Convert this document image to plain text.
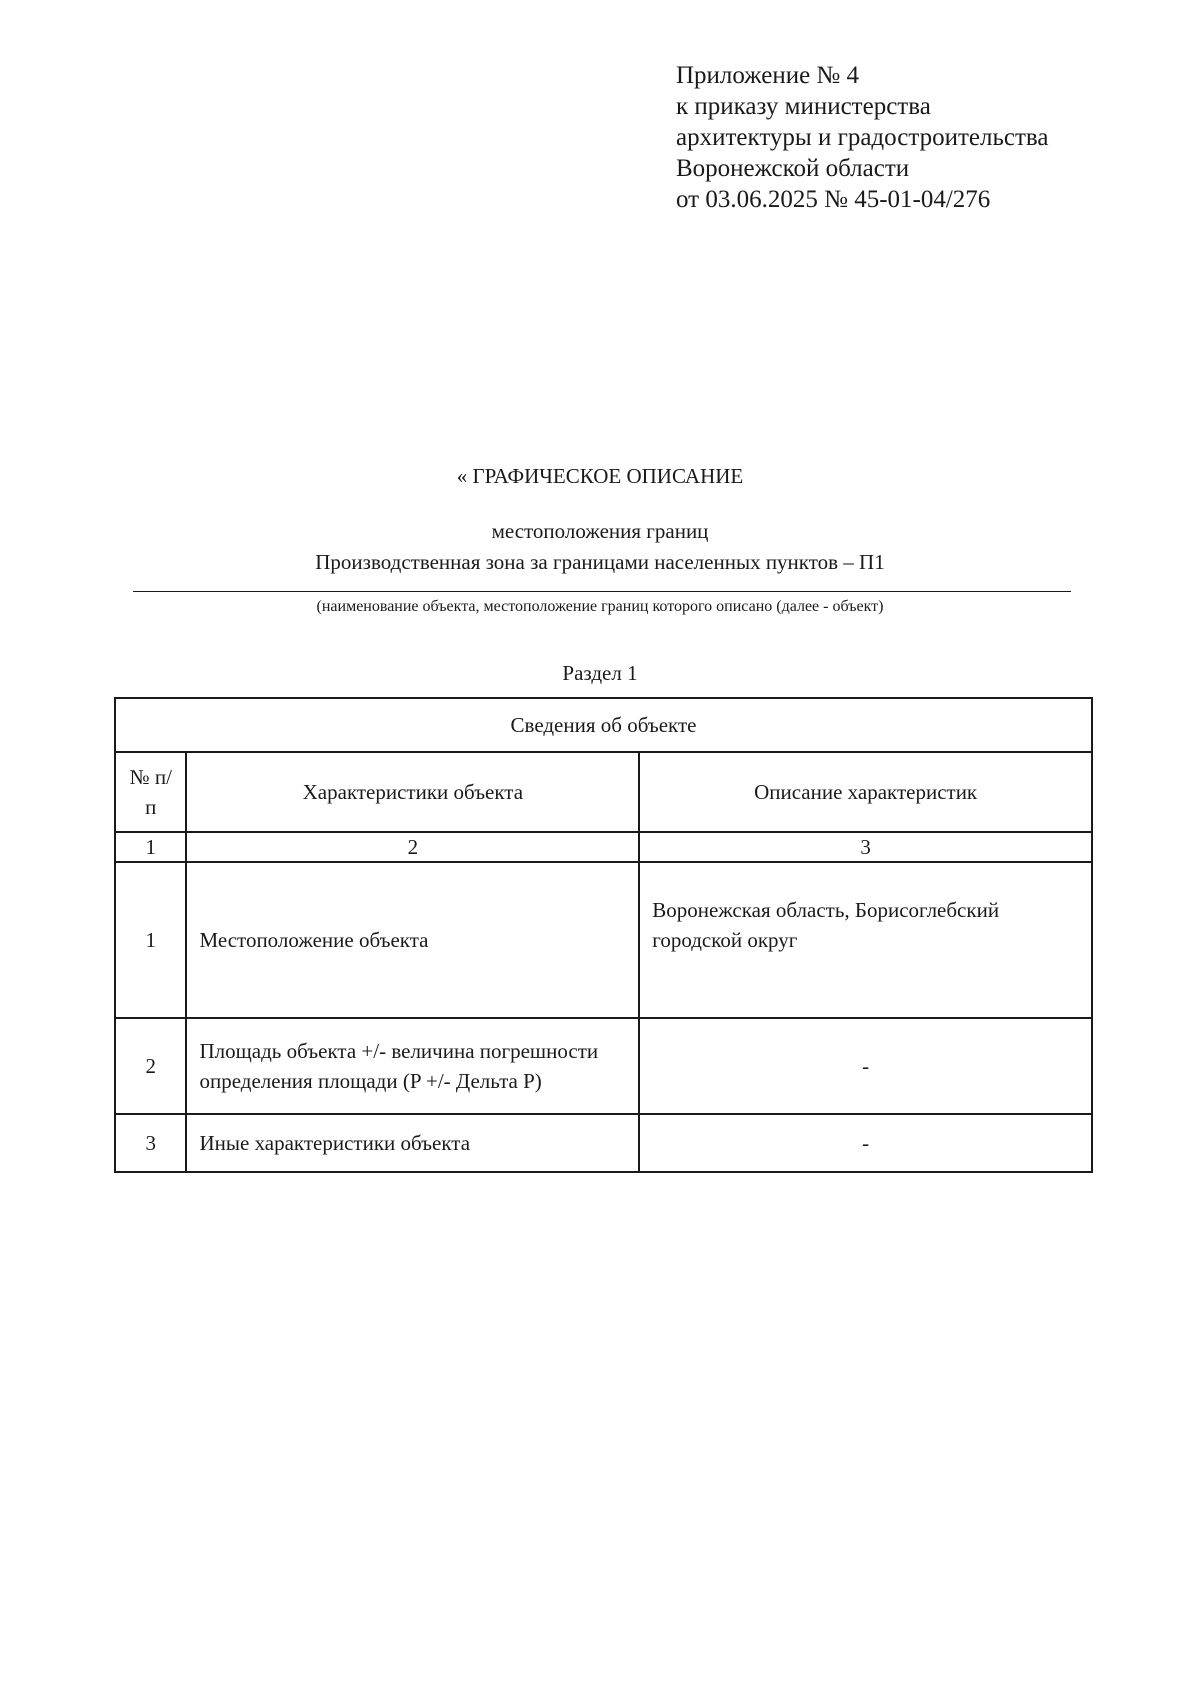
Приложение № 4
к приказу министерства
архитектуры и градостроительства
Воронежской области
от 03.06.2025 № 45-01-04/276
« ГРАФИЧЕСКОЕ ОПИСАНИЕ
местоположения границ
Производственная зона за границами населенных пунктов – П1
(наименование объекта, местоположение границ которого описано (далее - объект)
Раздел 1
Сведения об объекте		
№ п/п	Характеристики объекта	Описание характеристик
1	2	3
1	Местоположение объекта	Воронежская область, Борисоглебский городской округ
2	Площадь объекта +/- величина погрешности определения площади (P +/- Дельта P)	-
3	Иные характеристики объекта	-
